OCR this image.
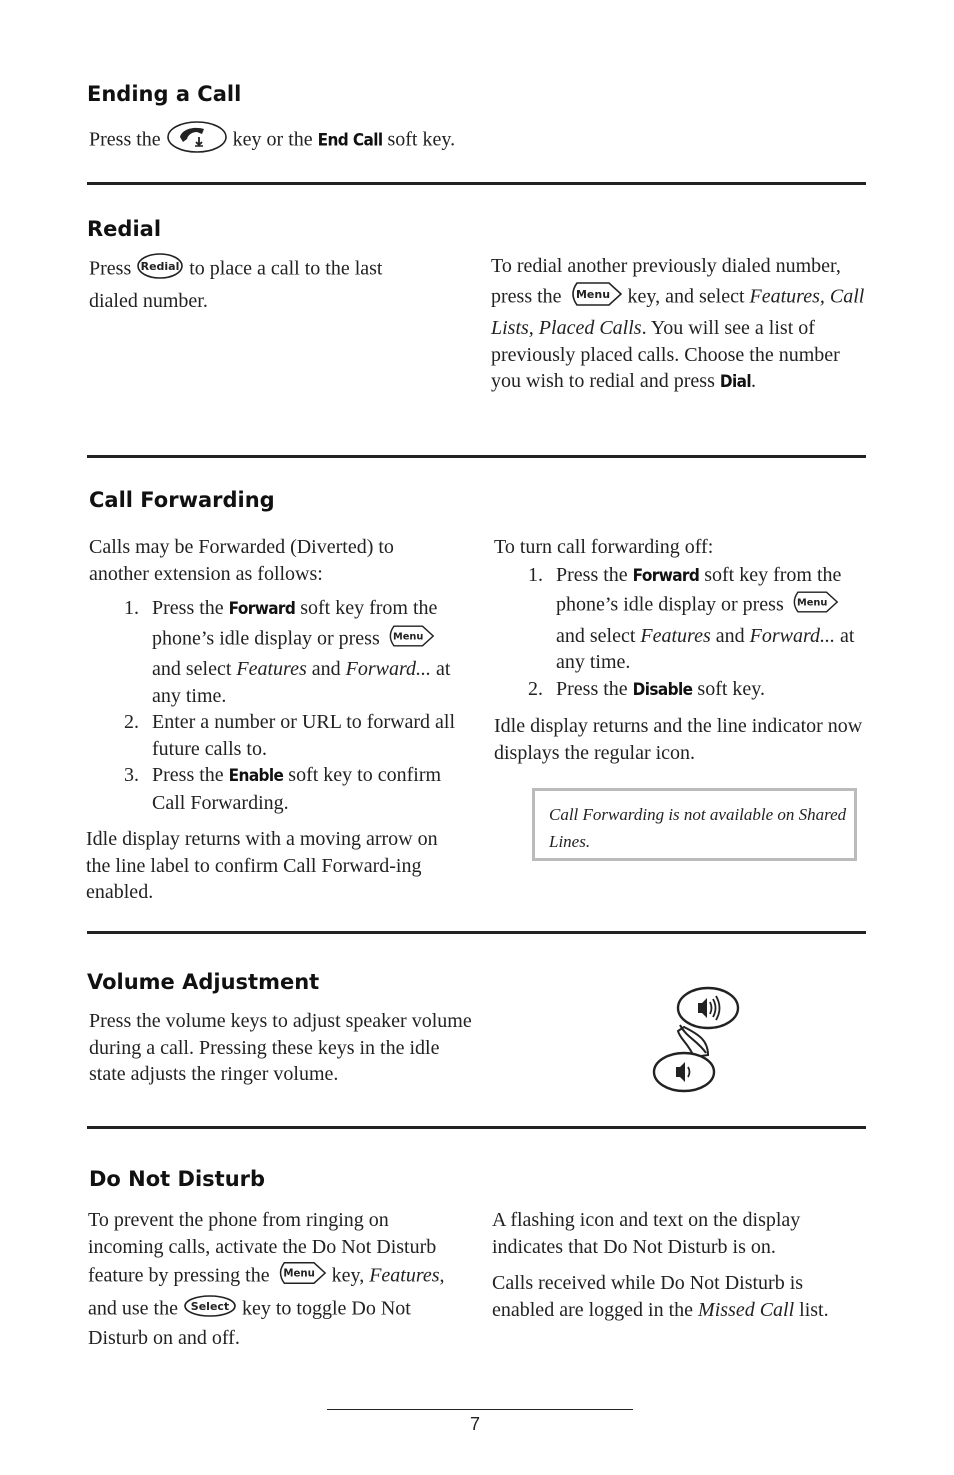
Ending a Call

Press the	key or the End Call soft key.

Redial

Press Redial to place a call to the last dialed number.

To redial another previously dialed number, press the Menu key, and select Features, Call Lists, Placed Calls. You will see a list of previously placed calls. Choose the number you wish to redial and press Dial.

Call Forwarding

Calls may be Forwarded (Diverted) to another extension as follows:

1. Press the Forward soft key from the phone’s idle display or press Menu
and select Features and Forward... at any time.
2. Enter a number or URL to forward all future calls to.
3. Press the Enable soft key to confirm Call Forwarding.

Idle display returns with a moving arrow on the line label to confirm Call Forward-ing enabled.

To turn call forwarding off:

1. Press the Forward soft key from the phone’s idle display or press Menu
and select Features and Forward... at any time.
2. Press the Disable soft key.

Idle display returns and the line indicator now displays the regular icon.

Call Forwarding is not available on Shared Lines.
Volume Adjustment

Press the volume keys to adjust speaker volume during a call. Pressing these keys in the idle state adjusts the ringer volume.

Do Not Disturb

To prevent the phone from ringing on incoming calls, activate the Do Not Disturb feature by pressing the Menu key, Features, and use the Select key to toggle Do Not Disturb on and off.

A flashing icon and text on the display indicates that Do Not Disturb is on.

Calls received while Do Not Disturb is enabled are logged in the Missed Call list.

7
